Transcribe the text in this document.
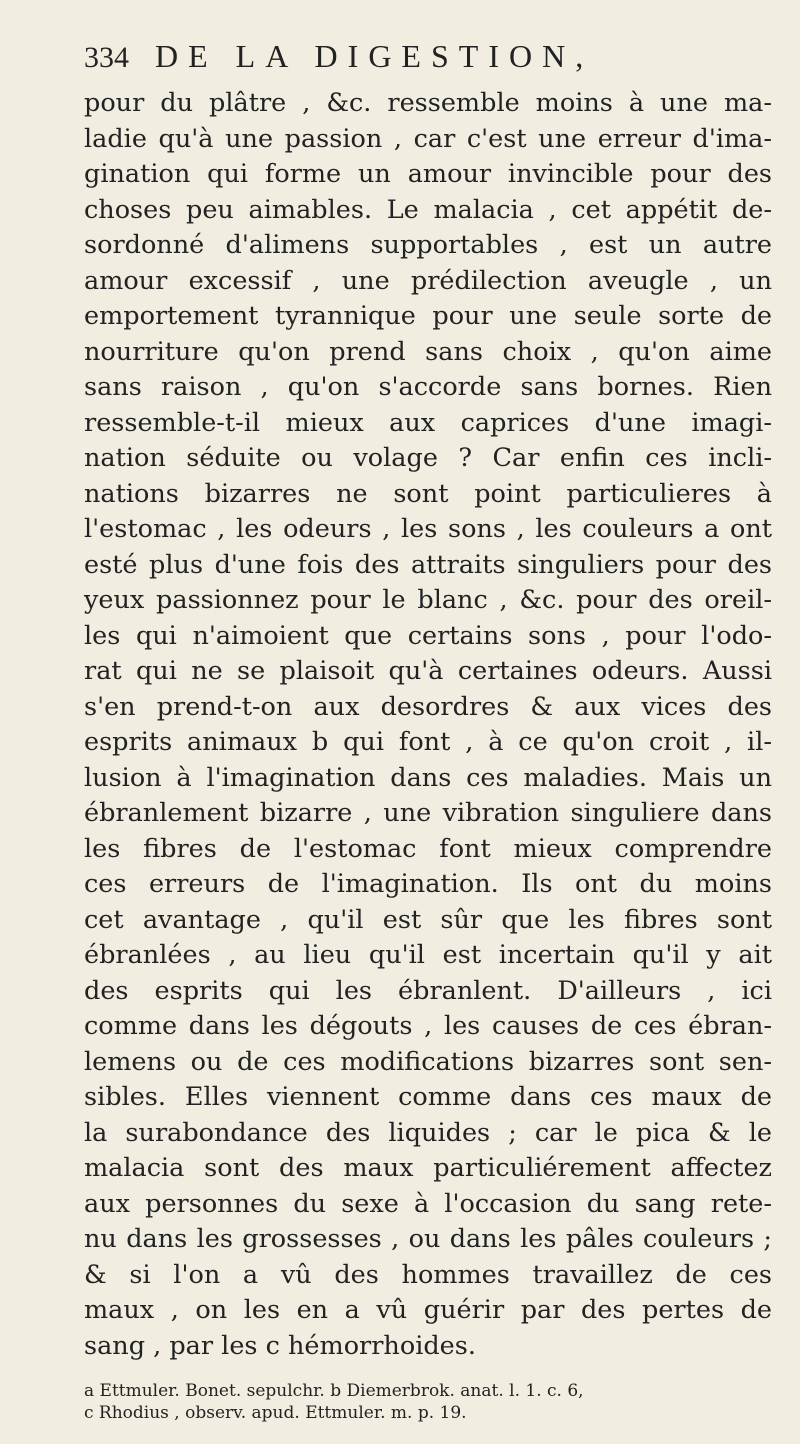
334 DE LA DIGESTION,
pour du plâtre , &c. ressemble moins à une ma-
ladie qu'à une passion , car c'est une erreur d'ima-
gination qui forme un amour invincible pour des
choses peu aimables. Le malacia , cet appétit de-
sordonné d'alimens supportables , est un autre
amour excessif , une prédilection aveugle , un
emportement tyrannique pour une seule sorte de
nourriture qu'on prend sans choix , qu'on aime
sans raison , qu'on s'accorde sans bornes. Rien
ressemble-t-il mieux aux caprices d'une imagi-
nation séduite ou volage ? Car enfin ces incli-
nations bizarres ne sont point particulieres à
l'estomac , les odeurs , les sons , les couleurs a ont
esté plus d'une fois des attraits singuliers pour des
yeux passionnez pour le blanc , &c. pour des oreil-
les qui n'aimoient que certains sons , pour l'odo-
rat qui ne se plaisoit qu'à certaines odeurs. Aussi
s'en prend-t-on aux desordres & aux vices des
esprits animaux b qui font , à ce qu'on croit , il-
lusion à l'imagination dans ces maladies. Mais un
ébranlement bizarre , une vibration singuliere dans
les fibres de l'estomac font mieux comprendre
ces erreurs de l'imagination. Ils ont du moins
cet avantage , qu'il est sûr que les fibres sont
ébranlées , au lieu qu'il est incertain qu'il y ait
des esprits qui les ébranlent. D'ailleurs , ici
comme dans les dégouts , les causes de ces ébran-
lemens ou de ces modifications bizarres sont sen-
sibles. Elles viennent comme dans ces maux de
la surabondance des liquides ; car le pica & le
malacia sont des maux particuliérement affectez
aux personnes du sexe à l'occasion du sang rete-
nu dans les grossesses , ou dans les pâles couleurs ;
& si l'on a vû des hommes travaillez de ces
maux , on les en a vû guérir par des pertes de
sang , par les c hémorrhoides.
a Ettmuler. Bonet. sepulchr. b Diemerbrok. anat. l. 1. c. 6,
c Rhodius , observ. apud. Ettmuler. m. p. 19.
